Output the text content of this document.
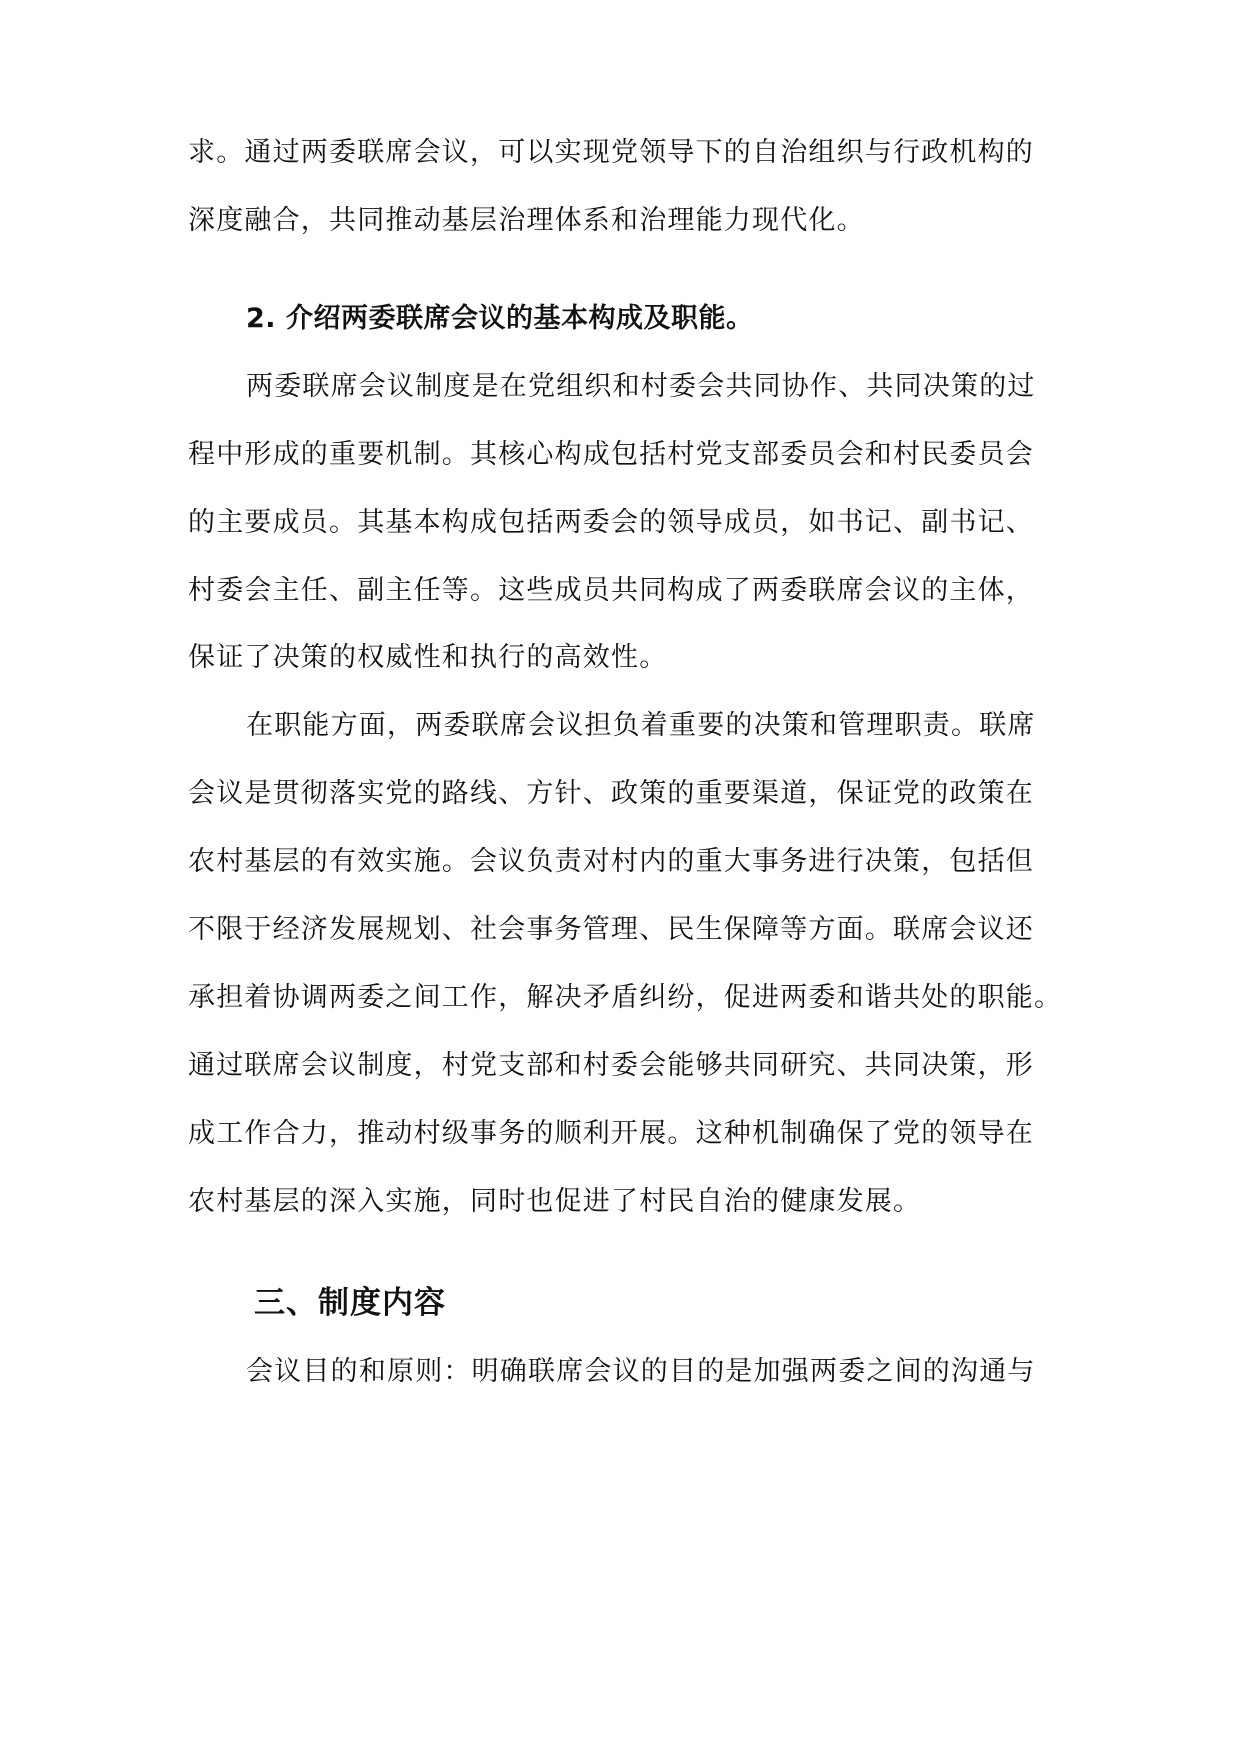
求。通过两委联席会议，可以实现党领导下的自治组织与行政机构的

深度融合，共同推动基层治理体系和治理能力现代化。

2. 介绍两委联席会议的基本构成及职能。

两委联席会议制度是在党组织和村委会共同协作、共同决策的过

程中形成的重要机制。其核心构成包括村党支部委员会和村民委员会

的主要成员。其基本构成包括两委会的领导成员，如书记、副书记、

村委会主任、副主任等。这些成员共同构成了两委联席会议的主体，

保证了决策的权威性和执行的高效性。

在职能方面，两委联席会议担负着重要的决策和管理职责。联席

会议是贯彻落实党的路线、方针、政策的重要渠道，保证党的政策在

农村基层的有效实施。会议负责对村内的重大事务进行决策，包括但

不限于经济发展规划、社会事务管理、民生保障等方面。联席会议还

承担着协调两委之间工作，解决矛盾纠纷，促进两委和谐共处的职能。

通过联席会议制度，村党支部和村委会能够共同研究、共同决策，形

成工作合力，推动村级事务的顺利开展。这种机制确保了党的领导在

农村基层的深入实施，同时也促进了村民自治的健康发展。

三、制度内容

会议目的和原则：明确联席会议的目的是加强两委之间的沟通与
